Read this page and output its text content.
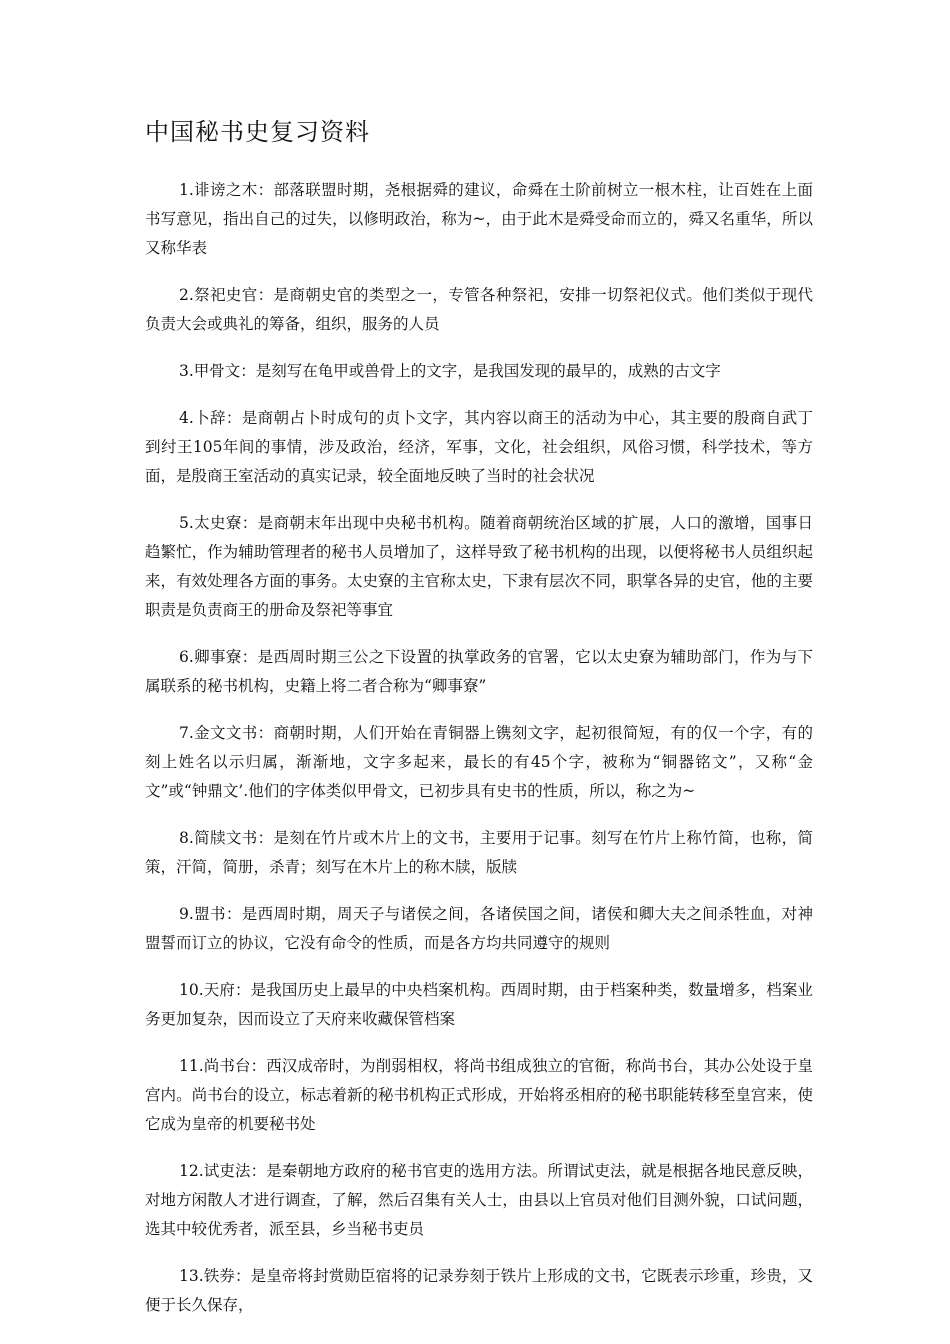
中国秘书史复习资料

1.诽谤之木：部落联盟时期，尧根据舜的建议，命舜在土阶前树立一根木柱，让百姓在上面书写意见，指出自己的过失，以修明政治，称为~，由于此木是舜受命而立的，舜又名重华，所以又称华表

2.祭祀史官：是商朝史官的类型之一，专管各种祭祀，安排一切祭祀仪式。他们类似于现代负责大会或典礼的筹备，组织，服务的人员

3.甲骨文：是刻写在龟甲或兽骨上的文字，是我国发现的最早的，成熟的古文字

4.卜辞：是商朝占卜时成句的贞卜文字，其内容以商王的活动为中心，其主要的殷商自武丁到纣王105年间的事情，涉及政治，经济，军事，文化，社会组织，风俗习惯，科学技术，等方面，是殷商王室活动的真实记录，较全面地反映了当时的社会状况

5.太史寮：是商朝末年出现中央秘书机构。随着商朝统治区域的扩展，人口的激增，国事日趋繁忙，作为辅助管理者的秘书人员增加了，这样导致了秘书机构的出现，以便将秘书人员组织起来，有效处理各方面的事务。太史寮的主官称太史，下隶有层次不同，职掌各异的史官，他的主要职责是负责商王的册命及祭祀等事宜

6.卿事寮：是西周时期三公之下设置的执掌政务的官署，它以太史寮为辅助部门，作为与下属联系的秘书机构，史籍上将二者合称为“卿事寮”

7.金文文书：商朝时期，人们开始在青铜器上镌刻文字，起初很简短，有的仅一个字，有的刻上姓名以示归属，渐渐地，文字多起来，最长的有45个字，被称为“铜器铭文”，又称“金文”或“钟鼎文’.他们的字体类似甲骨文，已初步具有史书的性质，所以，称之为~

8.简牍文书：是刻在竹片或木片上的文书，主要用于记事。刻写在竹片上称竹简，也称，简策，汗简，简册，杀青；刻写在木片上的称木牍，版牍

9.盟书：是西周时期，周天子与诸侯之间，各诸侯国之间，诸侯和卿大夫之间杀牲血，对神盟誓而订立的协议，它没有命令的性质，而是各方均共同遵守的规则

10.天府：是我国历史上最早的中央档案机构。西周时期，由于档案种类，数量增多，档案业务更加复杂，因而设立了天府来收藏保管档案

11.尚书台：西汉成帝时，为削弱相权，将尚书组成独立的官衙，称尚书台，其办公处设于皇宫内。尚书台的设立，标志着新的秘书机构正式形成，开始将丞相府的秘书职能转移至皇宫来，使它成为皇帝的机要秘书处

12.试吏法：是秦朝地方政府的秘书官吏的选用方法。所谓试吏法，就是根据各地民意反映，对地方闲散人才进行调查，了解，然后召集有关人士，由县以上官员对他们目测外貌，口试问题，选其中较优秀者，派至县，乡当秘书吏员

13.铁券：是皇帝将封赏勋臣宿将的记录券刻于铁片上形成的文书，它既表示珍重，珍贵，又便于长久保存，
